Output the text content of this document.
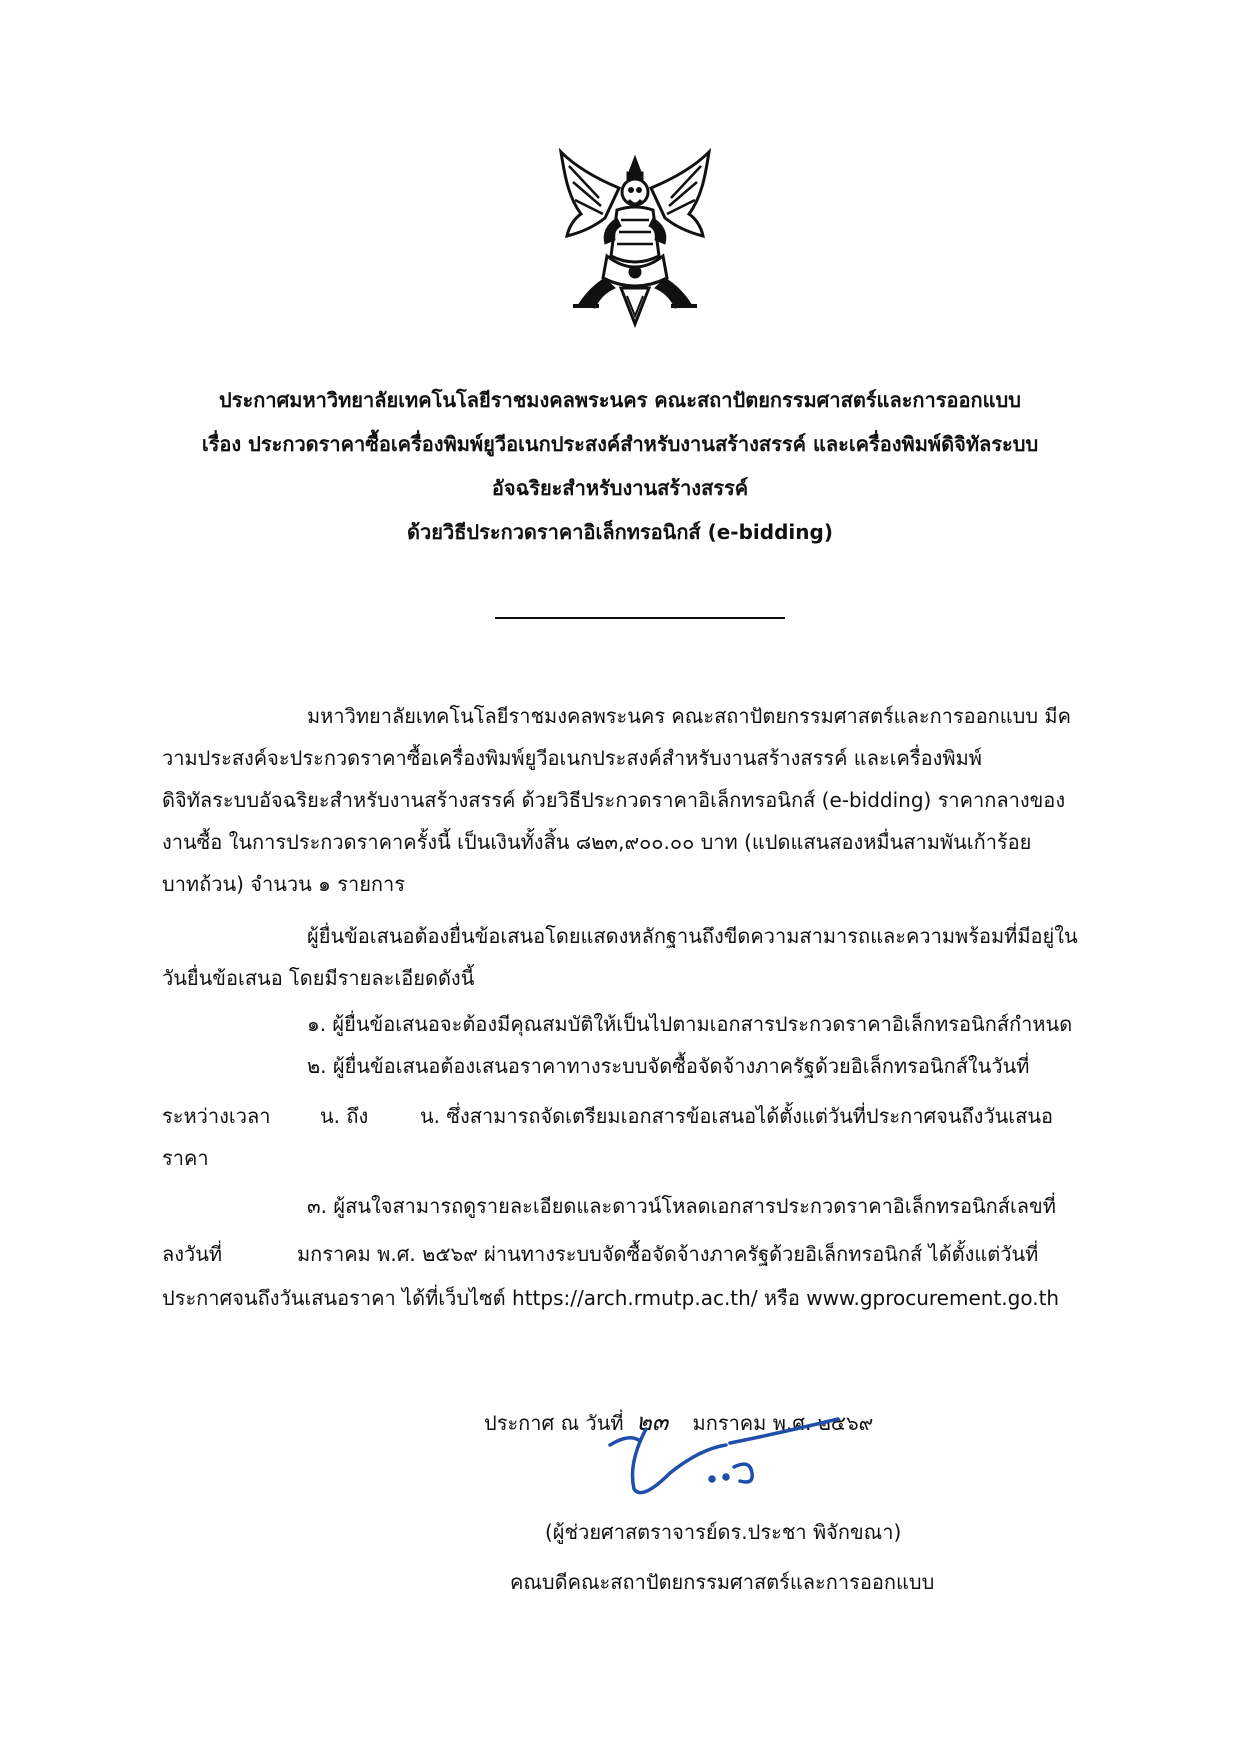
ประกาศมหาวิทยาลัยเทคโนโลยีราชมงคลพระนคร คณะสถาปัตยกรรมศาสตร์และการออกแบบ
เรื่อง ประกวดราคาซื้อเครื่องพิมพ์ยูวีอเนกประสงค์สำหรับงานสร้างสรรค์ และเครื่องพิมพ์ดิจิทัลระบบ
อัจฉริยะสำหรับงานสร้างสรรค์
ด้วยวิธีประกวดราคาอิเล็กทรอนิกส์ (e-bidding)
มหาวิทยาลัยเทคโนโลยีราชมงคลพระนคร คณะสถาปัตยกรรมศาสตร์และการออกแบบ มีค
วามประสงค์จะประกวดราคาซื้อเครื่องพิมพ์ยูวีอเนกประสงค์สำหรับงานสร้างสรรค์ และเครื่องพิมพ์
ดิจิทัลระบบอัจฉริยะสำหรับงานสร้างสรรค์ ด้วยวิธีประกวดราคาอิเล็กทรอนิกส์ (e-bidding) ราคากลางของ
งานซื้อ ในการประกวดราคาครั้งนี้ เป็นเงินทั้งสิ้น ๘๒๓,๙๐๐.๐๐ บาท (แปดแสนสองหมื่นสามพันเก้าร้อย
บาทถ้วน) จำนวน ๑ รายการ
ผู้ยื่นข้อเสนอต้องยื่นข้อเสนอโดยแสดงหลักฐานถึงขีดความสามารถและความพร้อมที่มีอยู่ใน
วันยื่นข้อเสนอ โดยมีรายละเอียดดังนี้
๑. ผู้ยื่นข้อเสนอจะต้องมีคุณสมบัติให้เป็นไปตามเอกสารประกวดราคาอิเล็กทรอนิกส์กำหนด
๒. ผู้ยื่นข้อเสนอต้องเสนอราคาทางระบบจัดซื้อจัดจ้างภาครัฐด้วยอิเล็กทรอนิกส์ในวันที่
ระหว่างเวลา น. ถึง	น. ซึ่งสามารถจัดเตรียมเอกสารข้อเสนอได้ตั้งแต่วันที่ประกาศจนถึงวันเสนอ
ราคา
๓. ผู้สนใจสามารถดูรายละเอียดและดาวน์โหลดเอกสารประกวดราคาอิเล็กทรอนิกส์เลขที่
ลงวันที่	มกราคม พ.ศ. ๒๕๖๙ ผ่านทางระบบจัดซื้อจัดจ้างภาครัฐด้วยอิเล็กทรอนิกส์ ได้ตั้งแต่วันที่
ประกาศจนถึงวันเสนอราคา ได้ที่เว็บไซต์ https://arch.rmutp.ac.th/ หรือ www.gprocurement.go.th
ประกาศ ณ วันที่ ๒๓ มกราคม พ.ศ. ๒๕๖๙
(ผู้ช่วยศาสตราจารย์ดร.ประชา พิจักขณา)
คณบดีคณะสถาปัตยกรรมศาสตร์และการออกแบบ
